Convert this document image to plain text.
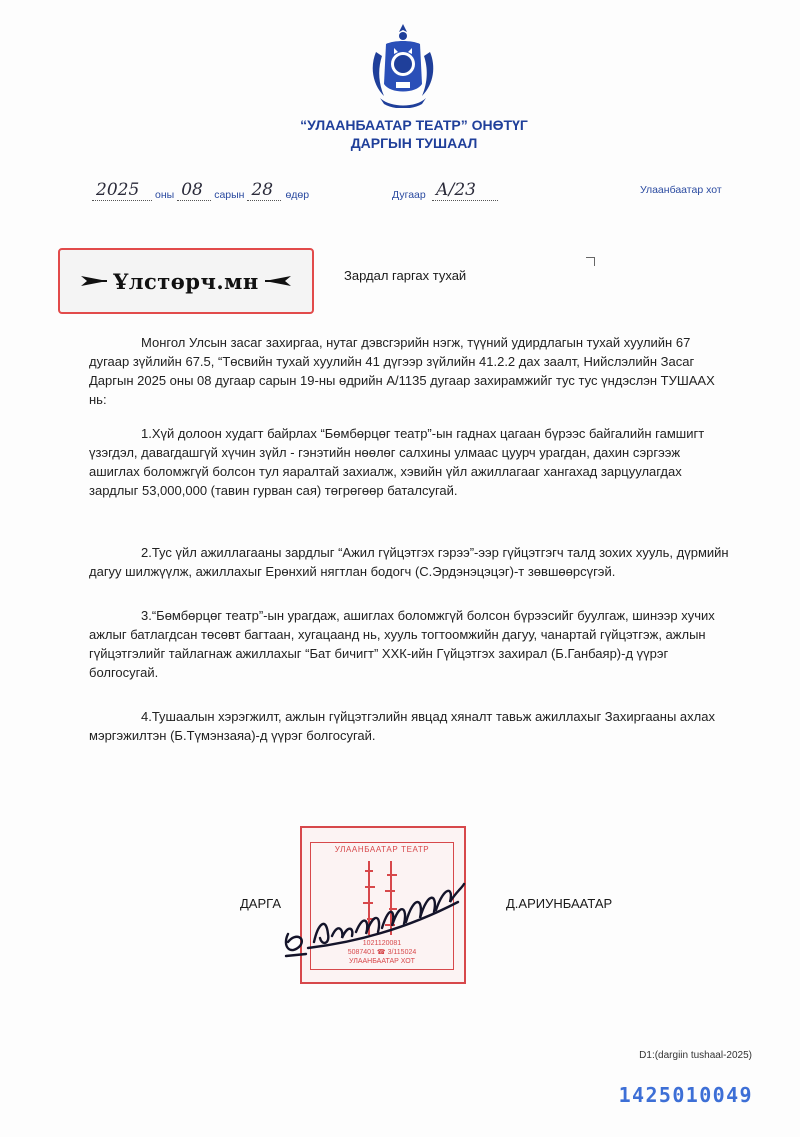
“УЛААНБААТАР ТЕАТР” ОНӨТҮГ
ДАРГЫН ТУШААЛ
2025	оны 08	сарын 28	өдөр	Дугаар А/23	Улаанбаатар хот
Ұлстөрч.мн	Зардал гаргах тухай

Монгол Улсын засаг захиргаа, нутаг дэвсгэрийн нэгж, түүний удирдлагын тухай хуулийн 67 дугаар зүйлийн 67.5, “Төсвийн тухай хуулийн 41 дүгээр зүйлийн 41.2.2 дах заалт, Нийслэлийн Засаг Даргын 2025 оны 08 дугаар сарын 19-ны өдрийн А/1135 дугаар захирамжийг тус тус үндэслэн ТУШААХ нь:

1.Хүй долоон худагт байрлах “Бөмбөрцөг театр”-ын гаднах цагаан бүрээс байгалийн гамшигт үзэгдэл, давагдашгүй хүчин зүйл - гэнэтийн нөөлөг салхины улмаас цуурч урагдан, дахин сэргээж ашиглах боломжгүй болсон тул яаралтай захиалж, хэвийн үйл ажиллагааг хангахад зарцуулагдах зардлыг 53,000,000 (тавин гурван сая) төгрөгөөр баталсугай.

2.Тус үйл ажиллагааны зардлыг “Ажил гүйцэтгэх гэрээ”-ээр гүйцэтгэгч талд зохих хууль, дүрмийн дагуу шилжүүлж, ажиллахыг Ерөнхий нягтлан бодогч (С.Эрдэнэцэцэг)-т зөвшөөрсүгэй.

3.“Бөмбөрцөг театр”-ын урагдаж, ашиглах боломжгүй болсон бүрээсийг буулгаж, шинээр хучих ажлыг батлагдсан төсөвт багтаан, хугацаанд нь, хууль тогтоомжийн дагуу, чанартай гүйцэтгэж, ажлын гүйцэтгэлийг тайлагнаж ажиллахыг “Бат бичигт” ХХК-ийн Гүйцэтгэх захирал (Б.Ганбаяр)-д үүрэг болгосугай.

4.Тушаалын хэрэгжилт, ажлын гүйцэтгэлийн явцад хяналт тавьж ажиллахыг Захиргааны ахлах мэргэжилтэн (Б.Түмэнзаяа)-д үүрэг болгосугай.

УЛААНБААТАР ТЕАТР
1021120081
5087401 ☎ 3/115024
УЛААНБААТАР ХОТ
ДАРГА	Д.АРИУНБААТАР
D1:(dargiin tushaal-2025)
1425010049
